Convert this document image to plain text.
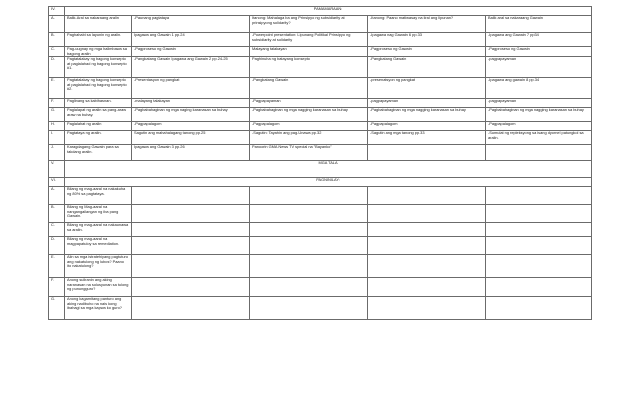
IV.	PAMAMARAAN:				
A.	Balik-Aral sa nakaraang aralin	-Paunang pagtataya	Itanong: Mahalaga ba ang Prinsipyo ng subsidiarity at prinsipyong solidarity?	-Itanong: Paano matiwasay na iiral ang lipunan?	Balik aral sa nakaraang Gawain
B.	Paghahabi sa layunin ng aralin.	Ipagawa ang Gawain 1 pp.24	-Powerpoint presentation: Lipunang Politikal Prinsipyo ng subsidiarity at solidarity	-Ipagawa nag Gawain 6 pp.33	-Ipagawa ang Gawain 7 pp34
C.	Pag-uugnay ng mga halimbawa sa bagong aralin	-Pagproseso ng Gawain	Malayang talakayan	-Pagproseso ng Gawain	-Pagproseso ng Gawain
D.	Pagtatalakay ng bagong konsepto at paglalahad ng bagong konsepto #1.	-Pangkatang Gawain Ipagawa ang Gawain 2 pp.24-25	Paghinuha ng batayang konsepto	-Pangkatang Gawain	-pagpapayaman
E.	Pagtatalakay ng bagong konsepto at paglalahad ng bagong konsepto #2.	-Presentasyon ng pangkat	-Pangkatang Gawain	-presenatsyon ng pangkat	-Ipagawa ang gawain 8 pp.34
F.	Paglinang sa kabihasnan.	-malayang talakayan	-Pagpapayaman	-pagpapayaman	-pagpapayaman
G.	Paglalapat ng aralin sa pang-araw araw na buhay.	-Pagbabahaginan ng mga naging karanasan sa buhay	-Pagbabahaginan ng mga nagging karanasan sa buhay	-Pagbabahaginan ng mga nagging karanasan sa buhay	-Pagbabahaginan ng mga nagging karanasan sa buhay
H.	Paglalahat ng aralin	-Pagpapalagom	-Pagpapalagom	-Pagpapalagom	-Pagpapalagom
I.	Pagtataya ng aralin.	Sagutin ang mahahalagang tanong pp.25	-Sagutin: Tayahin ang pag-Unawa pp.32	-Sagutin ang mga tanong pp.33	-Sumulat ng repleksyong sa isang dyornel patungkol sa aralin.
J.	Karagdagang Gawain para sa takdang aralin.	Ipagawa ang Gawain 3 pp.26	Panoorin GMA News TV special na "Bayanko"		
V.	MGA TALA				
VI.	PAGNINILAY:				
A.	Bilang ng mag-aaral na nakakuha ng 80% sa pagtataya.				
B.	Bilang ng Mag-aaral na nangangailangan ng iba pang Gawain.				
C.	Bilang ng mag-aaral na nakaunawa sa aralin.				
D.	Bilang ng mag-aaral na magpapatuloy sa remediation.				
E.	Alin sa mga istratehiyang pagtuturo ang nakatulong ng lubos? Paano ito nakatulong?				
F.	Anong suliranin ang aking naranasan na solusyunan sa tulong ng punungguro?				
G.	Anong kagamitang panturo ang aking nadibuho na nais kong ibahagi sa mga kapwa ko guro?				
